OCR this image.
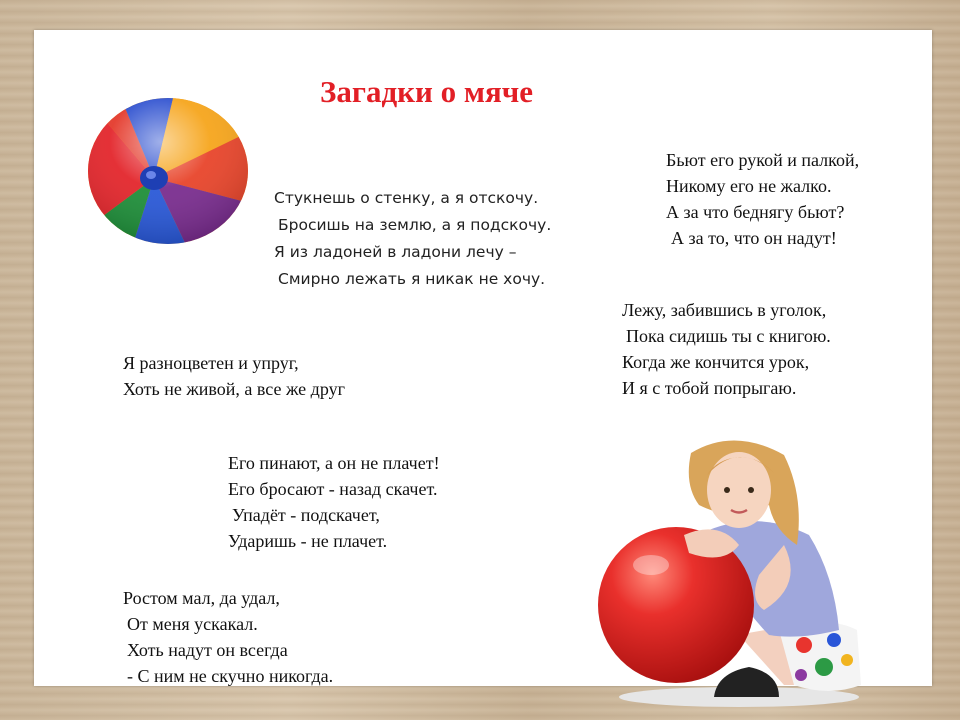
Загадки о мяче
Стукнешь о стенку, а я отскочу.
Бросишь на землю, а я подскочу.
Я из ладоней в ладони лечу –
Смирно лежать я никак не хочу.
Бьют его рукой и палкой,
Никому его не жалко.
А за что беднягу бьют?
А за то, что он надут!
Лежу, забившись в уголок,
Пока сидишь ты с книгою.
Когда же кончится урок,
И я с тобой попрыгаю.
Я разноцветен и упруг,
Хоть не живой, а все же друг
Его пинают, а он не плачет!
Его бросают - назад скачет.
Упадёт - подскачет,
Ударишь - не плачет.
Ростом мал, да удал,
От меня ускакал.
Хоть надут он всегда
- С ним не скучно никогда.
